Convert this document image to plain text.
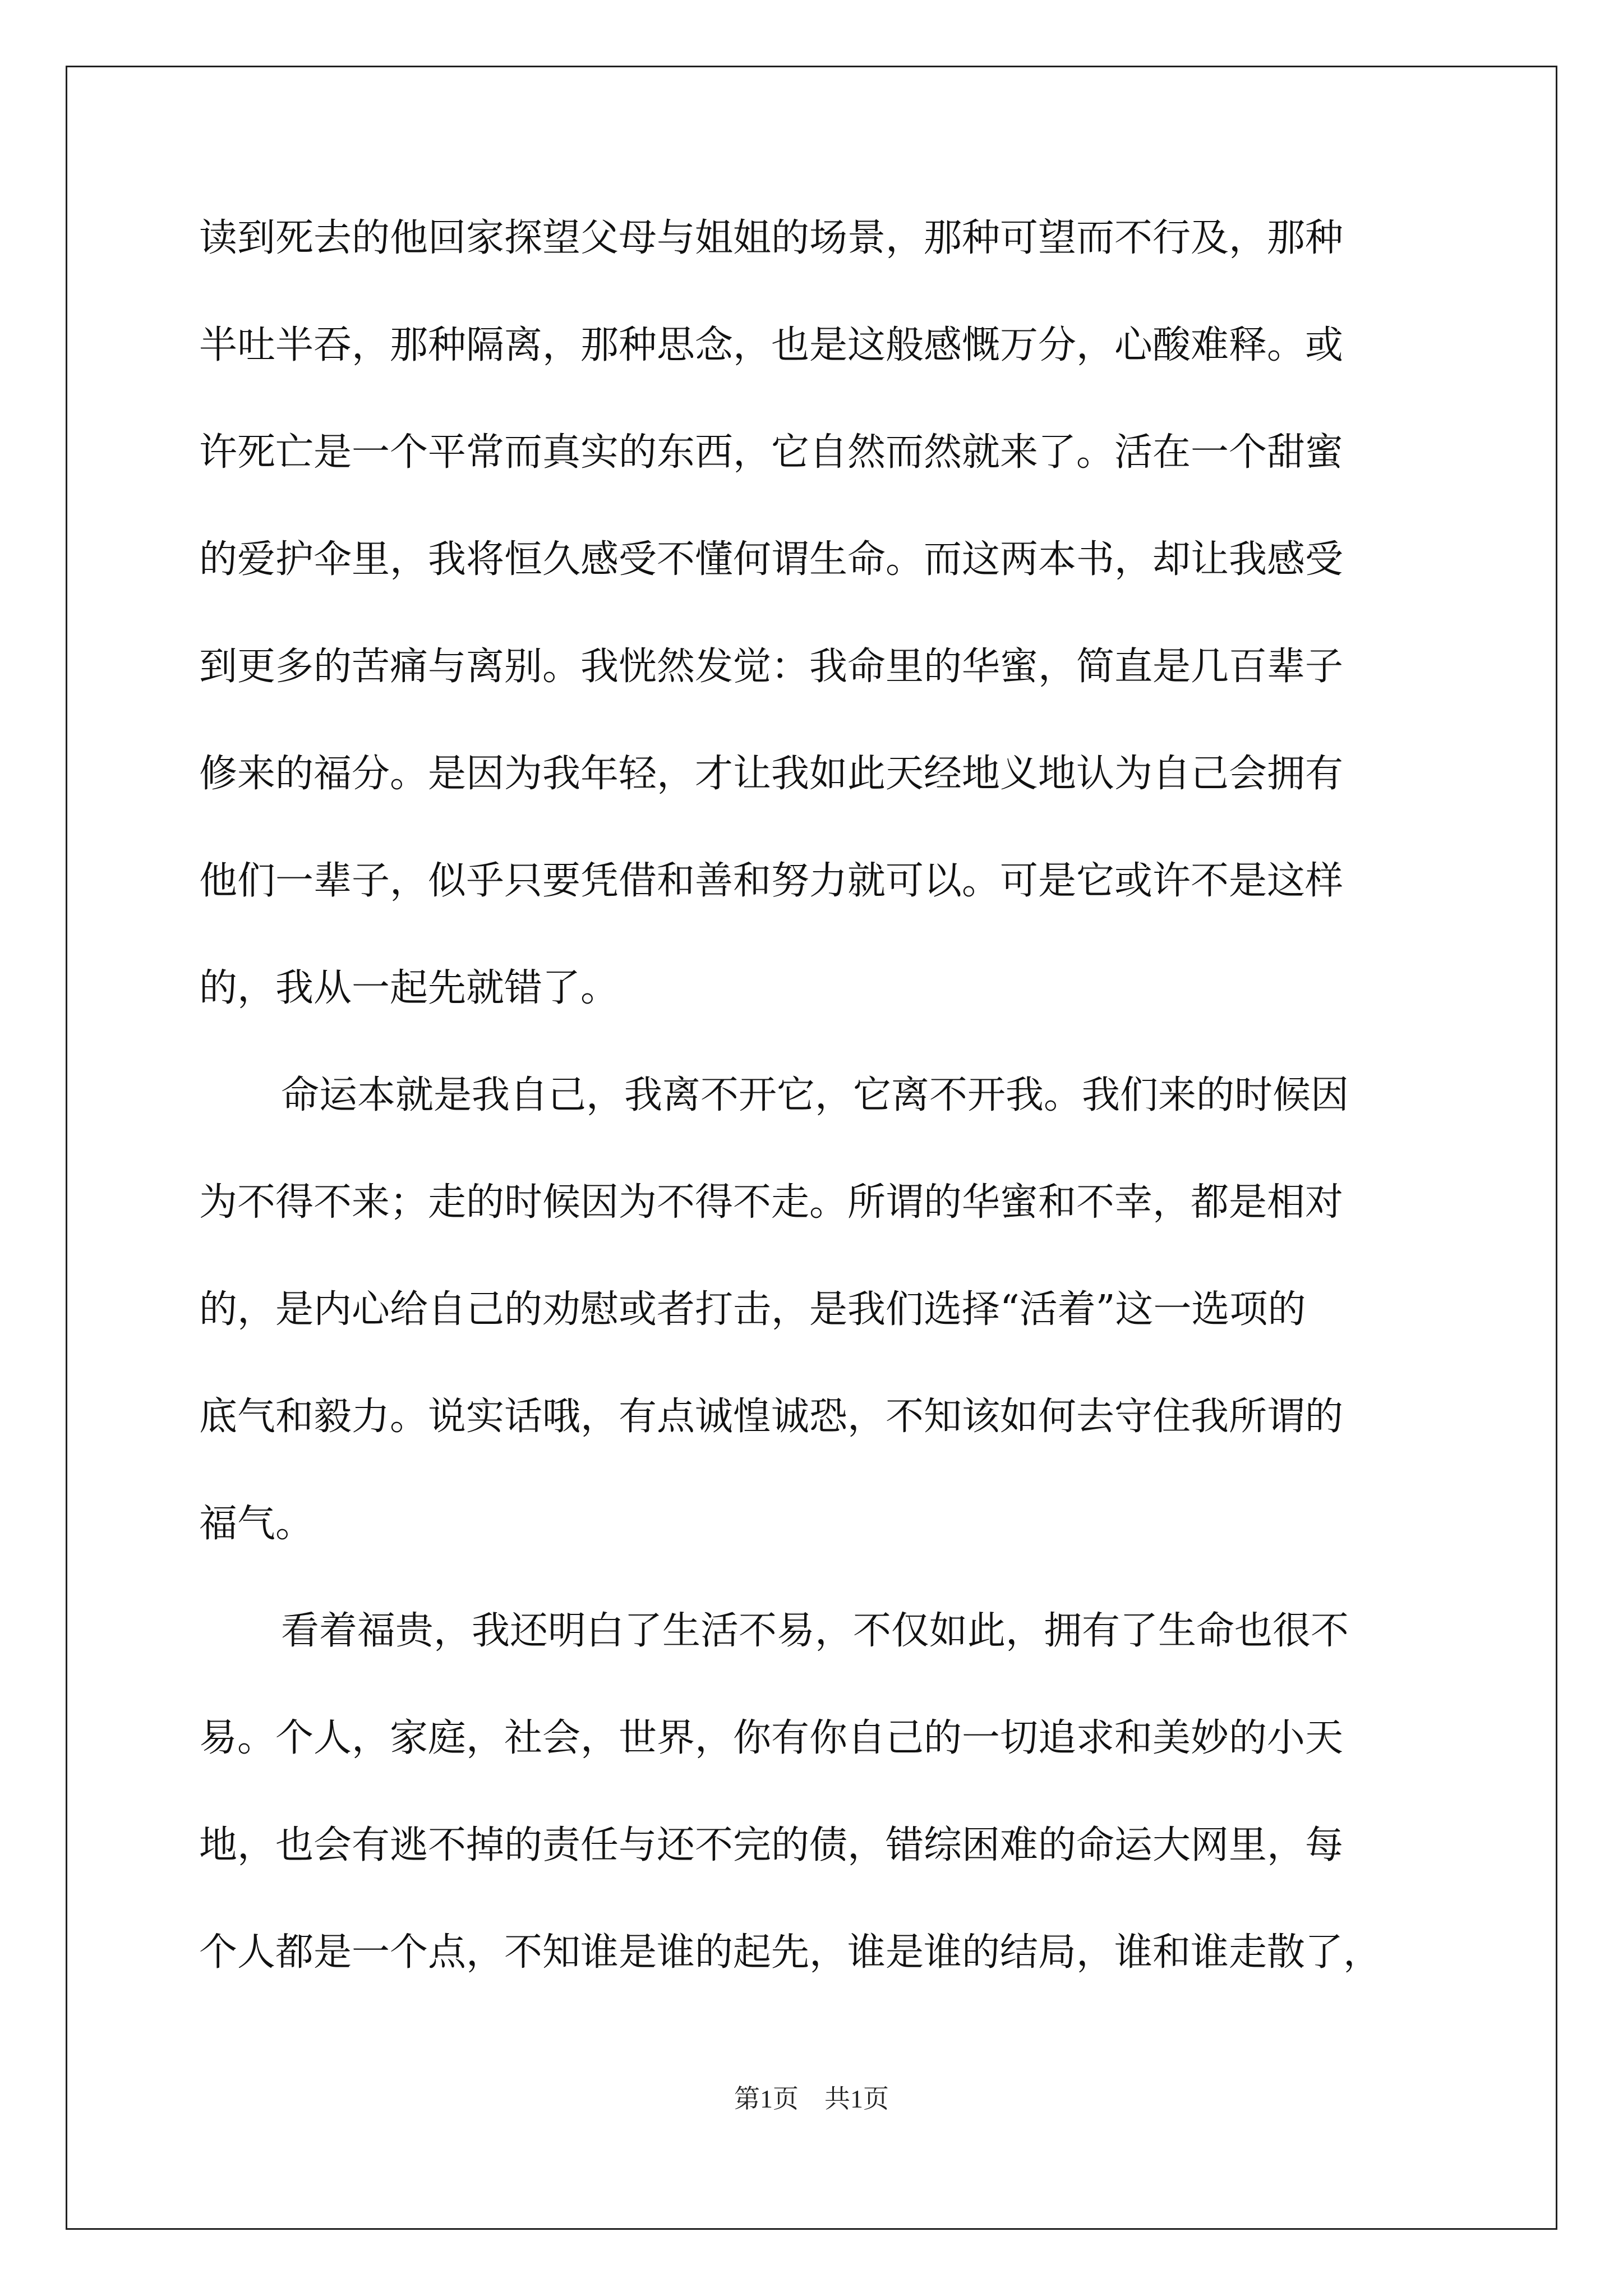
读到死去的他回家探望父母与姐姐的场景，那种可望而不行及，那种
半吐半吞，那种隔离，那种思念，也是这般感慨万分，心酸难释。或
许死亡是一个平常而真实的东西，它自然而然就来了。活在一个甜蜜
的爱护伞里，我将恒久感受不懂何谓生命。而这两本书，却让我感受
到更多的苦痛与离别。我恍然发觉：我命里的华蜜，简直是几百辈子
修来的福分。是因为我年轻，才让我如此天经地义地认为自己会拥有
他们一辈子，似乎只要凭借和善和努力就可以。可是它或许不是这样
的，我从一起先就错了。
命运本就是我自己，我离不开它，它离不开我。我们来的时候因
为不得不来；走的时候因为不得不走。所谓的华蜜和不幸，都是相对
的，是内心给自己的劝慰或者打击，是我们选择“活着”这一选项的
底气和毅力。说实话哦，有点诚惶诚恐，不知该如何去守住我所谓的
福气。
看着福贵，我还明白了生活不易，不仅如此，拥有了生命也很不
易。个人，家庭，社会，世界，你有你自己的一切追求和美妙的小天
地，也会有逃不掉的责任与还不完的债，错综困难的命运大网里，每
个人都是一个点，不知谁是谁的起先，谁是谁的结局，谁和谁走散了，
第1页 共1页
